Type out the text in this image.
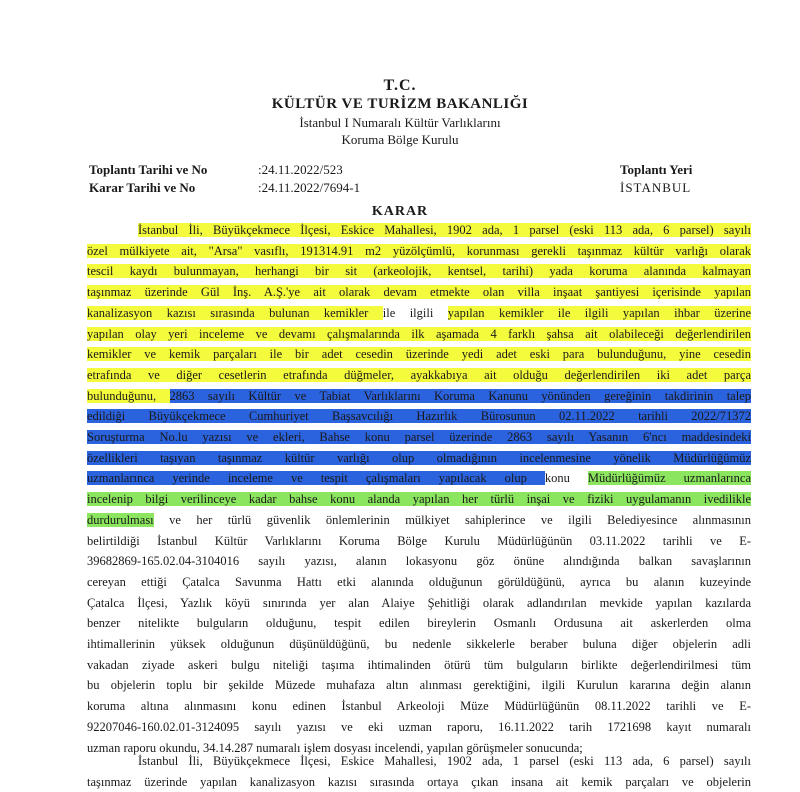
T.C.
KÜLTÜR VE TURİZM BAKANLIĞI
İstanbul I Numaralı Kültür Varlıklarını
Koruma Bölge Kurulu
Toplantı Tarihi ve No	:24.11.2022/523
Karar Tarihi ve No	:24.11.2022/7694-1
Toplantı Yeri
İSTANBUL
KARAR
İstanbul İli, Büyükçekmece İlçesi, Eskice Mahallesi, 1902 ada, 1 parsel (eski 113 ada, 6 parsel) sayılı
özel mülkiyete ait, "Arsa" vasıflı, 191314.91 m2 yüzölçümlü, korunması gerekli taşınmaz kültür varlığı olarak
tescil kaydı bulunmayan, herhangi bir sit (arkeolojik, kentsel, tarihi) yada koruma alanında kalmayan
taşınmaz üzerinde Gül İnş. A.Ş.'ye ait olarak devam etmekte olan villa inşaat şantiyesi içerisinde yapılan
kanalizasyon kazısı sırasında bulunan kemikler ile ilgili yapılan kemikler ile ilgili yapılan ihbar üzerine
yapılan olay yeri inceleme ve devamı çalışmalarında ilk aşamada 4 farklı şahsa ait olabileceği değerlendirilen
kemikler ve kemik parçaları ile bir adet cesedin üzerinde yedi adet eski para bulunduğunu, yine cesedin
etrafında ve diğer cesetlerin etrafında düğmeler, ayakkabıya ait olduğu değerlendirilen iki adet parça
bulunduğunu, 2863 sayılı Kültür ve Tabiat Varlıklarını Koruma Kanunu yönünden gereğinin takdirinin talep
edildiği Büyükçekmece Cumhuriyet Başsavcılığı Hazırlık Bürosunun 02.11.2022 tarihli 2022/71372
Soruşturma No.lu yazısı ve ekleri, Bahse konu parsel üzerinde 2863 sayılı Yasanın 6'ncı maddesindeki
özellikleri taşıyan taşınmaz kültür varlığı olup olmadığının incelenmesine yönelik Müdürlüğümüz
uzmanlarınca yerinde inceleme ve tespit çalışmaları yapılacak olup konu Müdürlüğümüz uzmanlarınca
incelenip bilgi verilinceye kadar bahse konu alanda yapılan her türlü inşai ve fiziki uygulamanın ivedilikle
durdurulması ve her türlü güvenlik önlemlerinin mülkiyet sahiplerince ve ilgili Belediyesince alınmasının
belirtildiği İstanbul Kültür Varlıklarını Koruma Bölge Kurulu Müdürlüğünün 03.11.2022 tarihli ve E-
39682869-165.02.04-3104016 sayılı yazısı, alanın lokasyonu göz önüne alındığında balkan savaşlarının
cereyan ettiği Çatalca Savunma Hattı etki alanında olduğunun görüldüğünü, ayrıca bu alanın kuzeyinde
Çatalca İlçesi, Yazlık köyü sınırında yer alan Alaiye Şehitliği olarak adlandırılan mevkide yapılan kazılarda
benzer nitelikte bulguların olduğunu, tespit edilen bireylerin Osmanlı Ordusuna ait askerlerden olma
ihtimallerinin yüksek olduğunun düşünüldüğünü, bu nedenle sikkelerle beraber buluna diğer objelerin adli
vakadan ziyade askeri bulgu niteliği taşıma ihtimalinden ötürü tüm bulguların birlikte değerlendirilmesi tüm
bu objelerin toplu bir şekilde Müzede muhafaza altın alınması gerektiğini, ilgili Kurulun kararına değin alanın
koruma altına alınmasını konu edinen İstanbul Arkeoloji Müze Müdürlüğünün 08.11.2022 tarihli ve E-
92207046-160.02.01-3124095 sayılı yazısı ve eki uzman raporu, 16.11.2022 tarih 1721698 kayıt numaralı
uzman raporu okundu, 34.14.287 numaralı işlem dosyası incelendi, yapılan görüşmeler sonucunda;
İstanbul İli, Büyükçekmece İlçesi, Eskice Mahallesi, 1902 ada, 1 parsel (eski 113 ada, 6 parsel) sayılı
taşınmaz üzerinde yapılan kanalizasyon kazısı sırasında ortaya çıkan insana ait kemik parçaları ve objelerin
